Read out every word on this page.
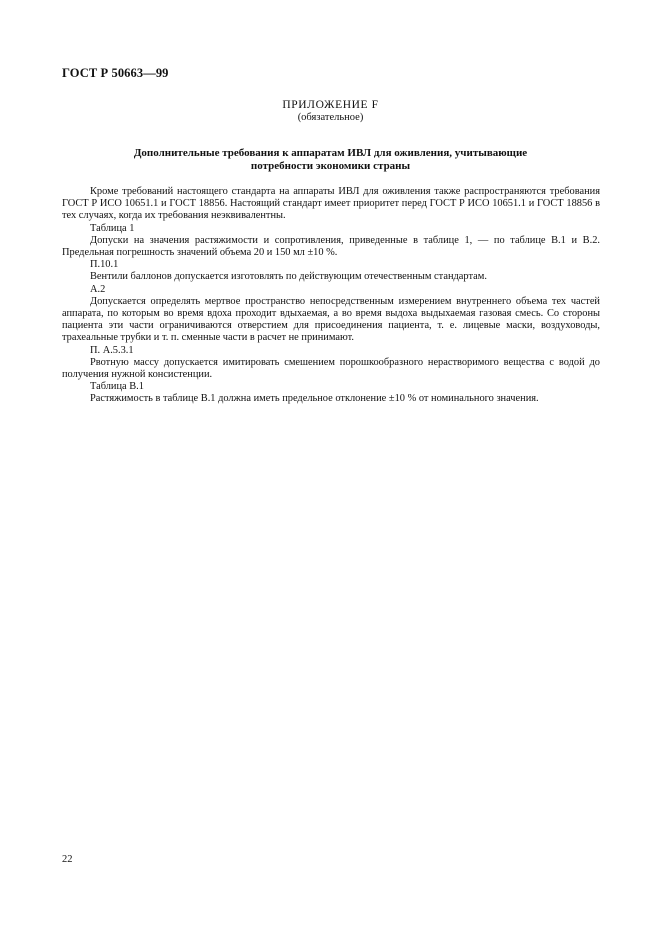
ГОСТ Р 50663—99
ПРИЛОЖЕНИЕ F
(обязательное)
Дополнительные требования к аппаратам ИВЛ для оживления, учитывающие
потребности экономики страны

Кроме требований настоящего стандарта на аппараты ИВЛ для оживления также распространяются требования ГОСТ Р ИСО 10651.1 и ГОСТ 18856. Настоящий стандарт имеет приоритет перед ГОСТ Р ИСО 10651.1 и ГОСТ 18856 в тех случаях, когда их требования неэквивалентны.

Таблица 1

Допуски на значения растяжимости и сопротивления, приведенные в таблице 1, — по таблице В.1 и В.2. Предельная погрешность значений объема 20 и 150 мл ±10 %.

П.10.1

Вентили баллонов допускается изготовлять по действующим отечественным стандартам.

А.2

Допускается определять мертвое пространство непосредственным измерением внутреннего объема тех частей аппарата, по которым во время вдоха проходит вдыхаемая, а во время выдоха выдыхаемая газовая смесь. Со стороны пациента эти части ограничиваются отверстием для присоединения пациента, т. е. лицевые маски, воздуховоды, трахеальные трубки и т. п. сменные части в расчет не принимают.

П. А.5.3.1

Рвотную массу допускается имитировать смешением порошкообразного нерастворимого вещества с водой до получения нужной консистенции.

Таблица В.1

Растяжимость в таблице В.1 должна иметь предельное отклонение ±10 % от номинального значения.

22
